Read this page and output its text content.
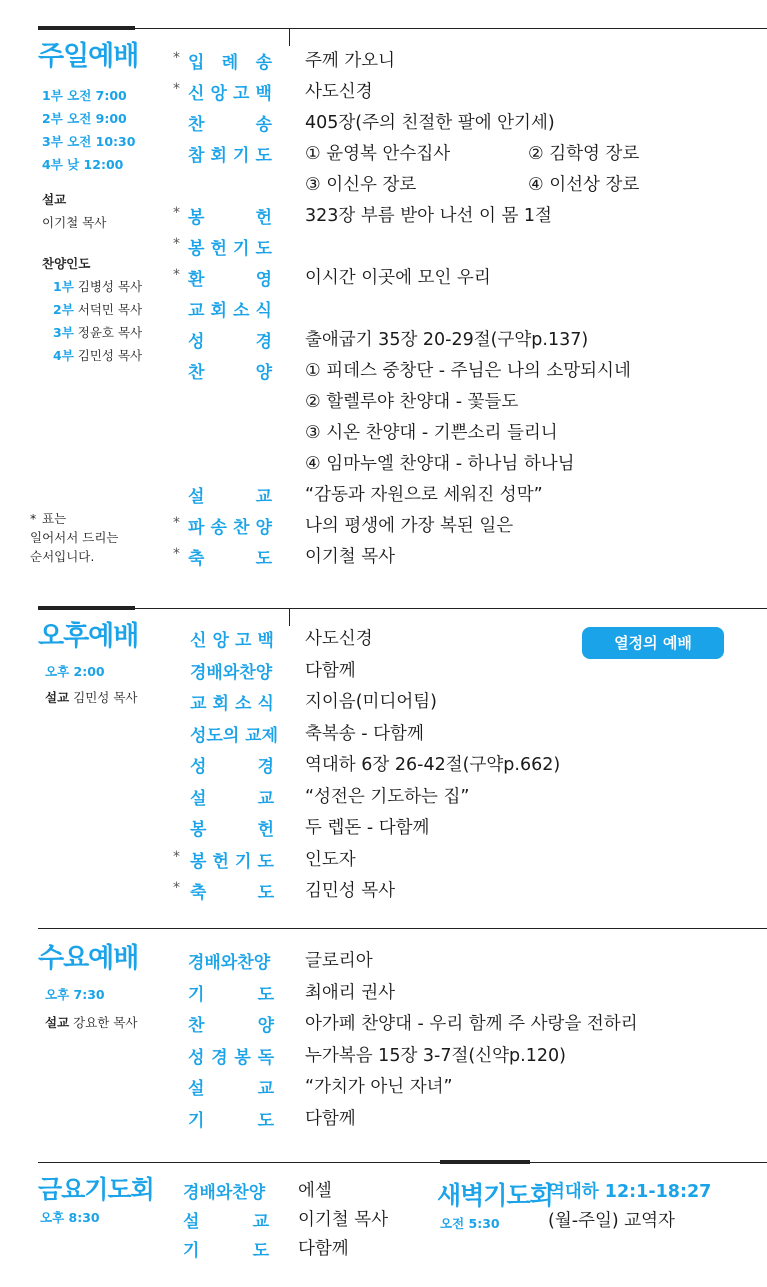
주일예배
1부 오전 7:00
2부 오전 9:00
3부 오전 10:30
4부 낮 12:00
설교
이기철 목사
찬양인도
1부 김병성 목사
2부 서덕민 목사
3부 정윤호 목사
4부 김민성 목사
* 표는
일어서서 드리는
순서입니다.
* 입 례 송 주께 가오니
* 신 앙 고 백 사도신경
찬	송 405장(주의 친절한 팔에 안기세)
참 회 기 도 ① 윤영복 안수집사	② 김학영 장로
③ 이신우 장로	④ 이선상 장로
* 봉	헌 323장 부름 받아 나선 이 몸 1절
* 봉 헌 기 도
* 환	영 이시간 이곳에 모인 우리
교 회 소 식
성	경 출애굽기 35장 20-29절(구약p.137)
찬	양 ① 피데스 중창단 - 주님은 나의 소망되시네
② 할렐루야 찬양대 - 꽃들도
③ 시온 찬양대 - 기쁜소리 들리니
④ 임마누엘 찬양대 - 하나님 하나님
설	교 “감동과 자원으로 세워진 성막”
* 파 송 찬 양 나의 평생에 가장 복된 일은
* 축	도 이기철 목사
오후예배
오후 2:00
설교 김민성 목사
열정의 예배
신 앙 고 백 사도신경
경배와찬양 다함께
교 회 소 식 지이음(미디어팀)
성도의 교제 축복송 - 다함께
성	경 역대하 6장 26-42절(구약p.662)
설	교 “성전은 기도하는 집”
봉	헌 두 렙돈 - 다함께
* 봉 헌 기 도 인도자
* 축	도 김민성 목사
수요예배
오후 7:30
설교 강요한 목사
경배와찬양 글로리아
기	도 최애리 권사
찬	양 아가페 찬양대 - 우리 함께 주 사랑을 전하리
성 경 봉 독 누가복음 15장 3-7절(신약p.120)
설	교 “가치가 아닌 자녀”
기	도 다함께
금요기도회
오후 8:30
경배와찬양 에셀
설	교 이기철 목사
기	도 다함께
새벽기도회
오전 5:30
역대하 12:1-18:27
(월-주일) 교역자
